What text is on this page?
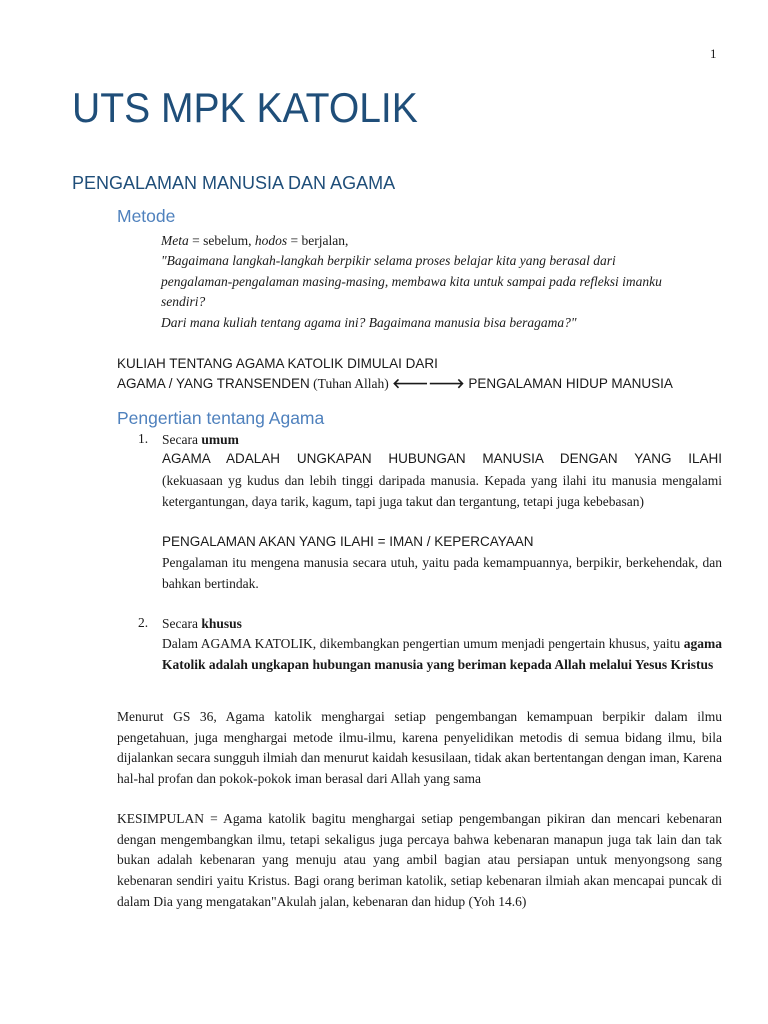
1
UTS MPK KATOLIK
PENGALAMAN MANUSIA DAN AGAMA
Metode
Meta = sebelum, hodos = berjalan,
"Bagaimana langkah-langkah berpikir selama proses belajar kita yang berasal dari
pengalaman-pengalaman masing-masing, membawa kita untuk sampai pada refleksi imanku
sendiri?
Dari mana kuliah tentang agama ini? Bagaimana manusia bisa beragama?"
KULIAH TENTANG AGAMA KATOLIK DIMULAI DARI
AGAMA / YANG TRANSENDEN (Tuhan Allah) 🡐🡒 PENGALAMAN HIDUP MANUSIA
Pengertian tentang Agama
1. Secara umum
AGAMA ADALAH UNGKAPAN HUBUNGAN MANUSIA DENGAN YANG ILAHI
(kekuasaan yg kudus dan lebih tinggi daripada manusia. Kepada yang ilahi itu manusia mengalami ketergantungan, daya tarik, kagum, tapi juga takut dan tergantung, tetapi juga kebebasan)
PENGALAMAN AKAN YANG ILAHI = IMAN / KEPERCAYAAN
Pengalaman itu mengena manusia secara utuh, yaitu pada kemampuannya, berpikir, berkehendak, dan bahkan bertindak.
2. Secara khusus
Dalam AGAMA KATOLIK, dikembangkan pengertian umum menjadi pengertain khusus, yaitu agama Katolik adalah ungkapan hubungan manusia yang beriman kepada Allah melalui Yesus Kristus
Menurut GS 36, Agama katolik menghargai setiap pengembangan kemampuan berpikir dalam ilmu pengetahuan, juga menghargai metode ilmu-ilmu, karena penyelidikan metodis di semua bidang ilmu, bila dijalankan secara sungguh ilmiah dan menurut kaidah kesusilaan, tidak akan bertentangan dengan iman, Karena hal-hal profan dan pokok-pokok iman berasal dari Allah yang sama
KESIMPULAN = Agama katolik bagitu menghargai setiap pengembangan pikiran dan mencari kebenaran dengan mengembangkan ilmu, tetapi sekaligus juga percaya bahwa kebenaran manapun juga tak lain dan tak bukan adalah kebenaran yang menuju atau yang ambil bagian atau persiapan untuk menyongsong sang kebenaran sendiri yaitu Kristus. Bagi orang beriman katolik, setiap kebenaran ilmiah akan mencapai puncak di dalam Dia yang mengatakan"Akulah jalan, kebenaran dan hidup (Yoh 14.6)
